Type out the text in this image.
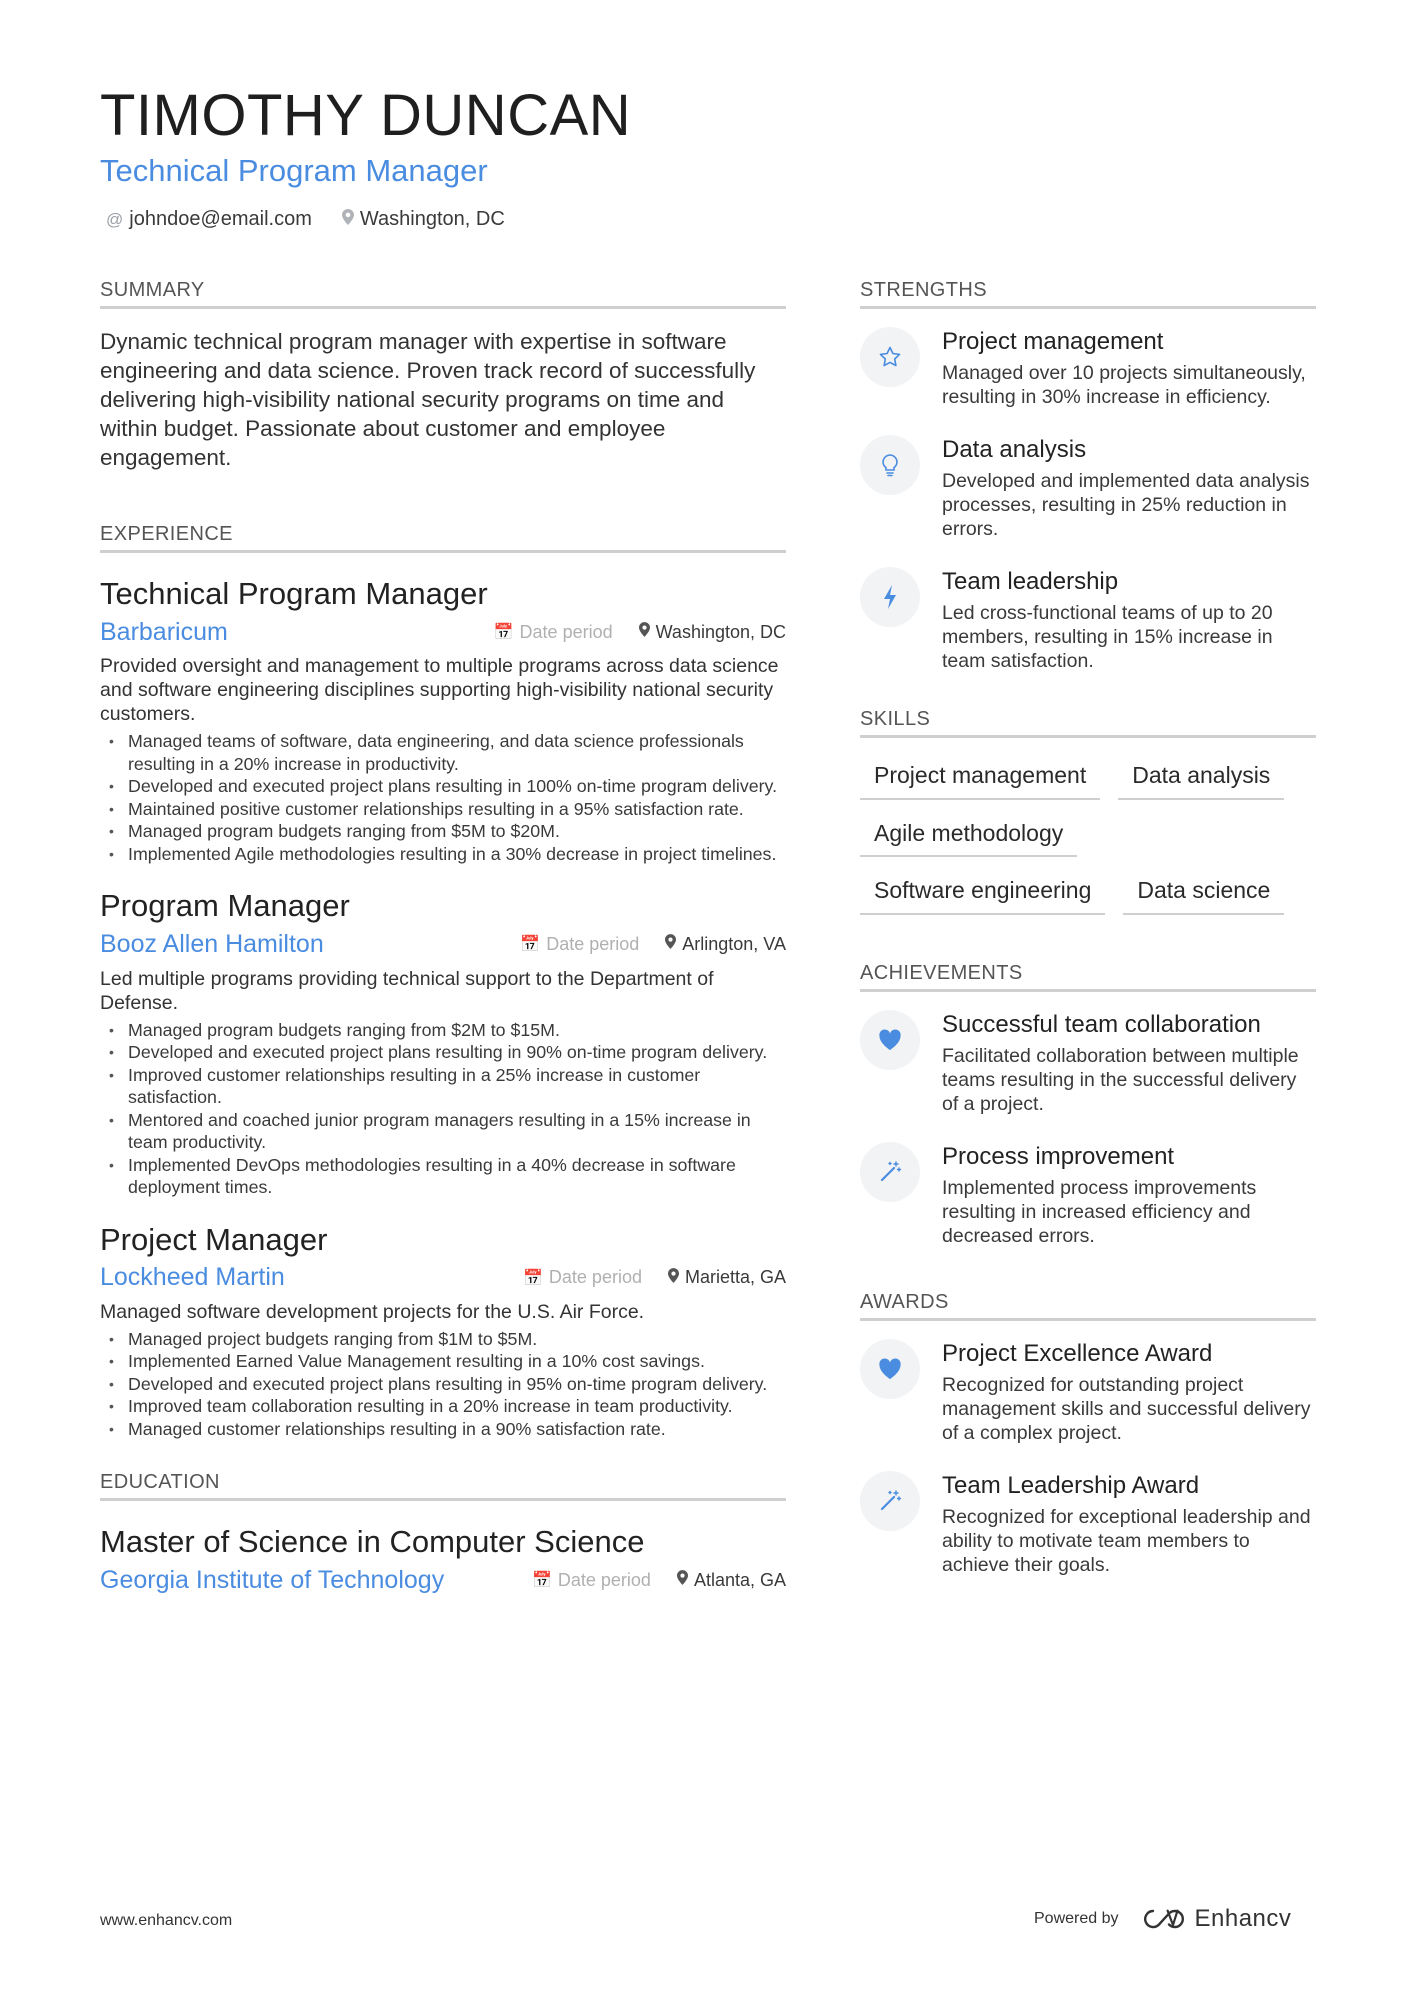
TIMOTHY DUNCAN
Technical Program Manager
@ johndoe@email.com Washington, DC
SUMMARY
Dynamic technical program manager with expertise in software engineering and data science. Proven track record of successfully delivering high-visibility national security programs on time and within budget. Passionate about customer and employee engagement.
EXPERIENCE
Technical Program Manager
Barbaricum	📅 Date period Washington, DC
Provided oversight and management to multiple programs across data science and software engineering disciplines supporting high-visibility national security customers.
• Managed teams of software, data engineering, and data science professionals resulting in a 20% increase in productivity.
• Developed and executed project plans resulting in 100% on-time program delivery.
• Maintained positive customer relationships resulting in a 95% satisfaction rate.
• Managed program budgets ranging from $5M to $20M.
• Implemented Agile methodologies resulting in a 30% decrease in project timelines.
Program Manager
Booz Allen Hamilton	📅 Date period Arlington, VA
Led multiple programs providing technical support to the Department of Defense.
• Managed program budgets ranging from $2M to $15M.
• Developed and executed project plans resulting in 90% on-time program delivery.
• Improved customer relationships resulting in a 25% increase in customer satisfaction.
• Mentored and coached junior program managers resulting in a 15% increase in team productivity.
• Implemented DevOps methodologies resulting in a 40% decrease in software deployment times.
Project Manager
Lockheed Martin	📅 Date period Marietta, GA
Managed software development projects for the U.S. Air Force.
• Managed project budgets ranging from $1M to $5M.
• Implemented Earned Value Management resulting in a 10% cost savings.
• Developed and executed project plans resulting in 95% on-time program delivery.
• Improved team collaboration resulting in a 20% increase in team productivity.
• Managed customer relationships resulting in a 90% satisfaction rate.
EDUCATION
Master of Science in Computer Science
Georgia Institute of Technology	📅 Date period Atlanta, GA
STRENGTHS
Project management
Managed over 10 projects simultaneously, resulting in 30% increase in efficiency.
Data analysis
Developed and implemented data analysis processes, resulting in 25% reduction in errors.
Team leadership
Led cross-functional teams of up to 20 members, resulting in 15% increase in team satisfaction.
SKILLS
Project management	Data analysis
Agile methodology
Software engineering	Data science
ACHIEVEMENTS
Successful team collaboration
Facilitated collaboration between multiple teams resulting in the successful delivery of a project.
Process improvement
Implemented process improvements resulting in increased efficiency and decreased errors.
AWARDS
Project Excellence Award
Recognized for outstanding project management skills and successful delivery of a complex project.
Team Leadership Award
Recognized for exceptional leadership and ability to motivate team members to achieve their goals.
www.enhancv.com	Powered by	Enhancv
